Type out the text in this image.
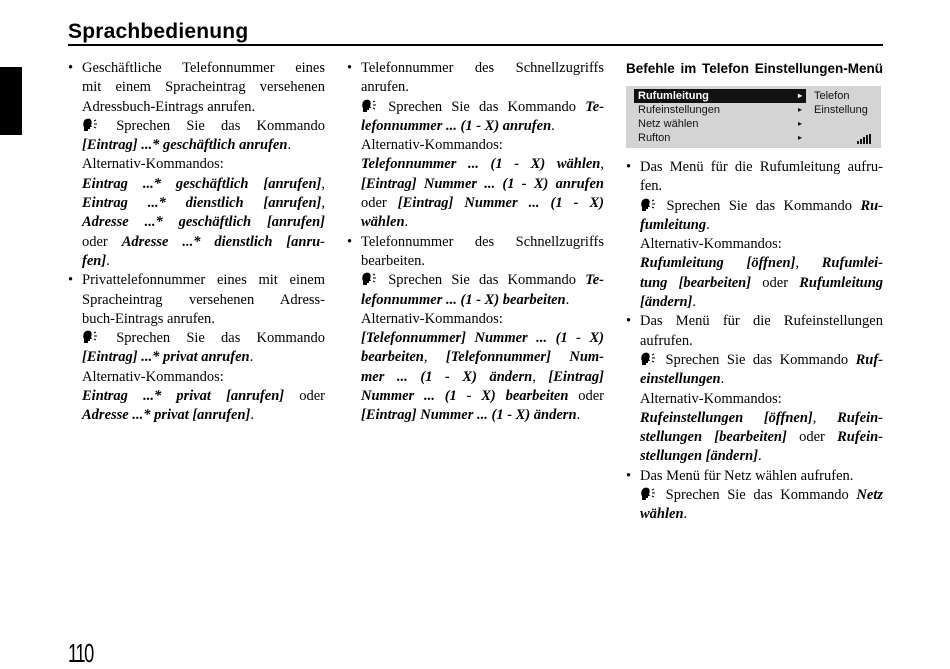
Sprachbedienung
• Geschäftliche Telefonnummer eines
mit einem Spracheintrag versehenen
Adressbuch-Eintrags anrufen.
Sprechen Sie das Kommando
[Eintrag] ...* geschäftlich anrufen.
Alternativ-Kommandos:
Eintrag ...* geschäftlich [anrufen],
Eintrag ...* dienstlich [anrufen],
Adresse ...* geschäftlich [anrufen]
oder Adresse ...* dienstlich [anru-
fen].
• Privattelefonnummer eines mit einem
Spracheintrag versehenen Adress-
buch-Eintrags anrufen.
Sprechen Sie das Kommando
[Eintrag] ...* privat anrufen.
Alternativ-Kommandos:
Eintrag ...* privat [anrufen] oder
Adresse ...* privat [anrufen].
• Telefonnummer des Schnellzugriffs
anrufen.
Sprechen Sie das Kommando Te-
lefonnummer ... (1 - X) anrufen.
Alternativ-Kommandos:
Telefonnummer ... (1 - X) wählen,
[Eintrag] Nummer ... (1 - X) anrufen
oder [Eintrag] Nummer ... (1 - X)
wählen.
• Telefonnummer des Schnellzugriffs
bearbeiten.
Sprechen Sie das Kommando Te-
lefonnummer ... (1 - X) bearbeiten.
Alternativ-Kommandos:
[Telefonnummer] Nummer ... (1 - X)
bearbeiten, [Telefonnummer] Num-
mer ... (1 - X) ändern, [Eintrag]
Nummer ... (1 - X) bearbeiten oder
[Eintrag] Nummer ... (1 - X) ändern.
Befehle im Telefon Einstellungen-Menü
Rufumleitung	▸
Rufeinstellungen	▸
Netz wählen	▸
Rufton	▸
Telefon
Einstellung
• Das Menü für die Rufumleitung aufru-
fen.
Sprechen Sie das Kommando Ru-
fumleitung.
Alternativ-Kommandos:
Rufumleitung [öffnen], Rufumlei-
tung [bearbeiten] oder Rufumleitung
[ändern].
• Das Menü für die Rufeinstellungen
aufrufen.
Sprechen Sie das Kommando Ruf-
einstellungen.
Alternativ-Kommandos:
Rufeinstellungen [öffnen], Rufein-
stellungen [bearbeiten] oder Rufein-
stellungen [ändern].
• Das Menü für Netz wählen aufrufen.
Sprechen Sie das Kommando Netz
wählen.
110
